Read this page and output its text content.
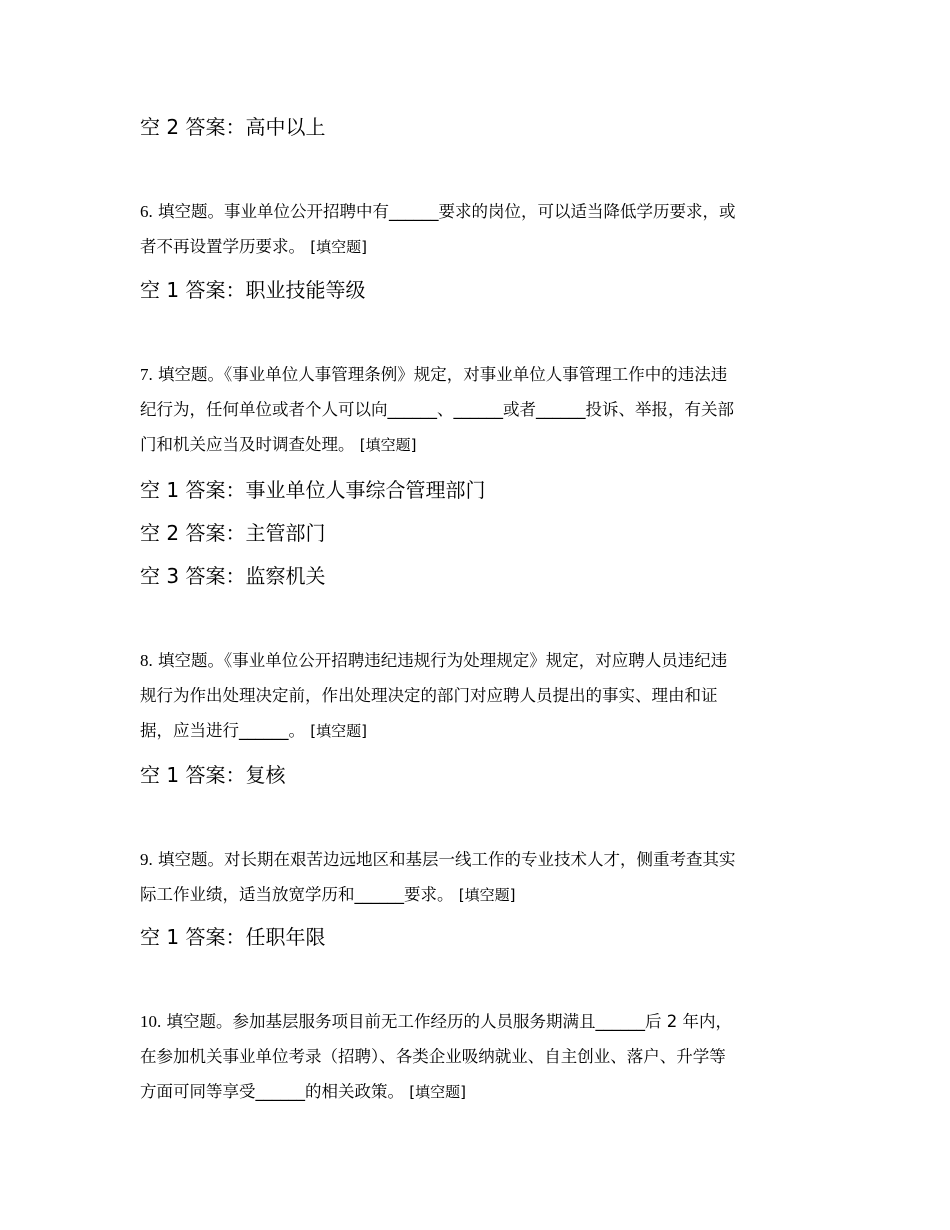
空 2 答案：高中以上
6. 填空题。事业单位公开招聘中有______要求的岗位，可以适当降低学历要求，或
者不再设置学历要求。 [填空题]
空 1 答案：职业技能等级
7. 填空题。《事业单位人事管理条例》规定，对事业单位人事管理工作中的违法违
纪行为，任何单位或者个人可以向______、______或者______投诉、举报，有关部
门和机关应当及时调查处理。 [填空题]
空 1 答案：事业单位人事综合管理部门
空 2 答案：主管部门
空 3 答案：监察机关
8. 填空题。《事业单位公开招聘违纪违规行为处理规定》规定，对应聘人员违纪违
规行为作出处理决定前，作出处理决定的部门对应聘人员提出的事实、理由和证
据，应当进行______。 [填空题]
空 1 答案：复核
9. 填空题。对长期在艰苦边远地区和基层一线工作的专业技术人才，侧重考查其实
际工作业绩，适当放宽学历和______要求。 [填空题]
空 1 答案：任职年限
10. 填空题。参加基层服务项目前无工作经历的人员服务期满且______后 2 年内，
在参加机关事业单位考录（招聘）、各类企业吸纳就业、自主创业、落户、升学等
方面可同等享受______的相关政策。 [填空题]
